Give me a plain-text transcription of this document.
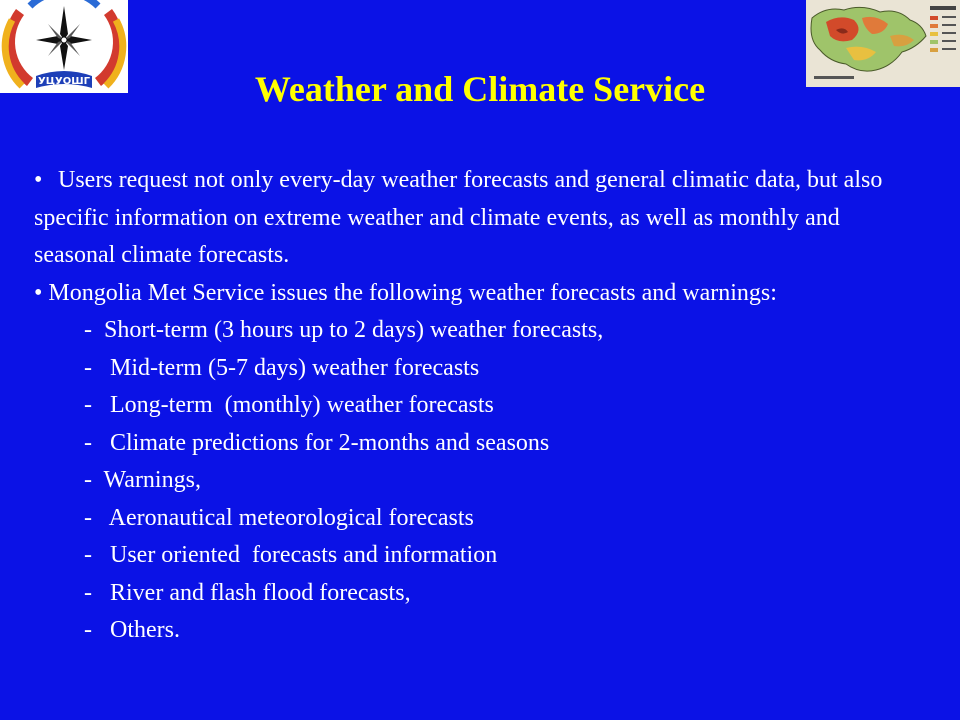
УЦУОШГ	Weather and Climate Service

• Users request not only every-day weather forecasts and general climatic data, but also specific information on extreme weather and climate events, as well as monthly and seasonal climate forecasts.

• Mongolia Met Service issues the following weather forecasts and warnings:

-  Short-term (3 hours up to 2 days) weather forecasts,

-   Mid-term (5-7 days) weather forecasts

-   Long-term  (monthly) weather forecasts

-   Climate predictions for 2-months and seasons

-  Warnings,

-   Aeronautical meteorological forecasts

-   User oriented  forecasts and information

-   River and flash flood forecasts,

-   Others.
